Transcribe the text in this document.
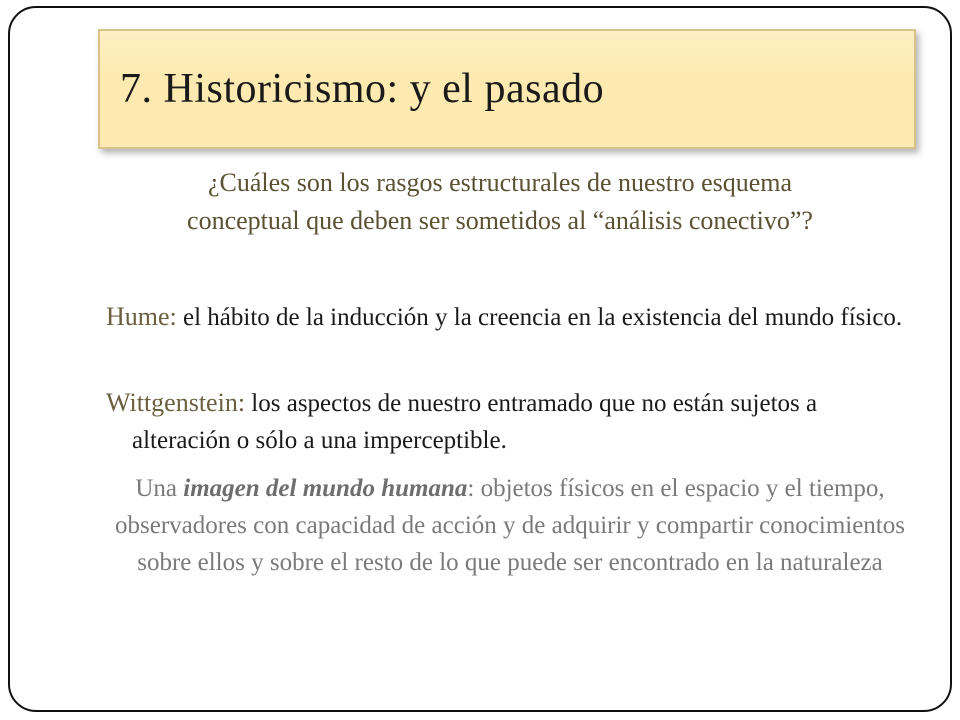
7. Historicismo: y el pasado
¿Cuáles son los rasgos estructurales de nuestro esquema conceptual que deben ser sometidos al “análisis conectivo”?
Hume: el hábito de la inducción y la creencia en la existencia del mundo físico.
Wittgenstein: los aspectos de nuestro entramado que no están sujetos a alteración o sólo a una imperceptible.
Una imagen del mundo humana: objetos físicos en el espacio y el tiempo, observadores con capacidad de acción y de adquirir y compartir conocimientos sobre ellos y sobre el resto de lo que puede ser encontrado en la naturaleza
